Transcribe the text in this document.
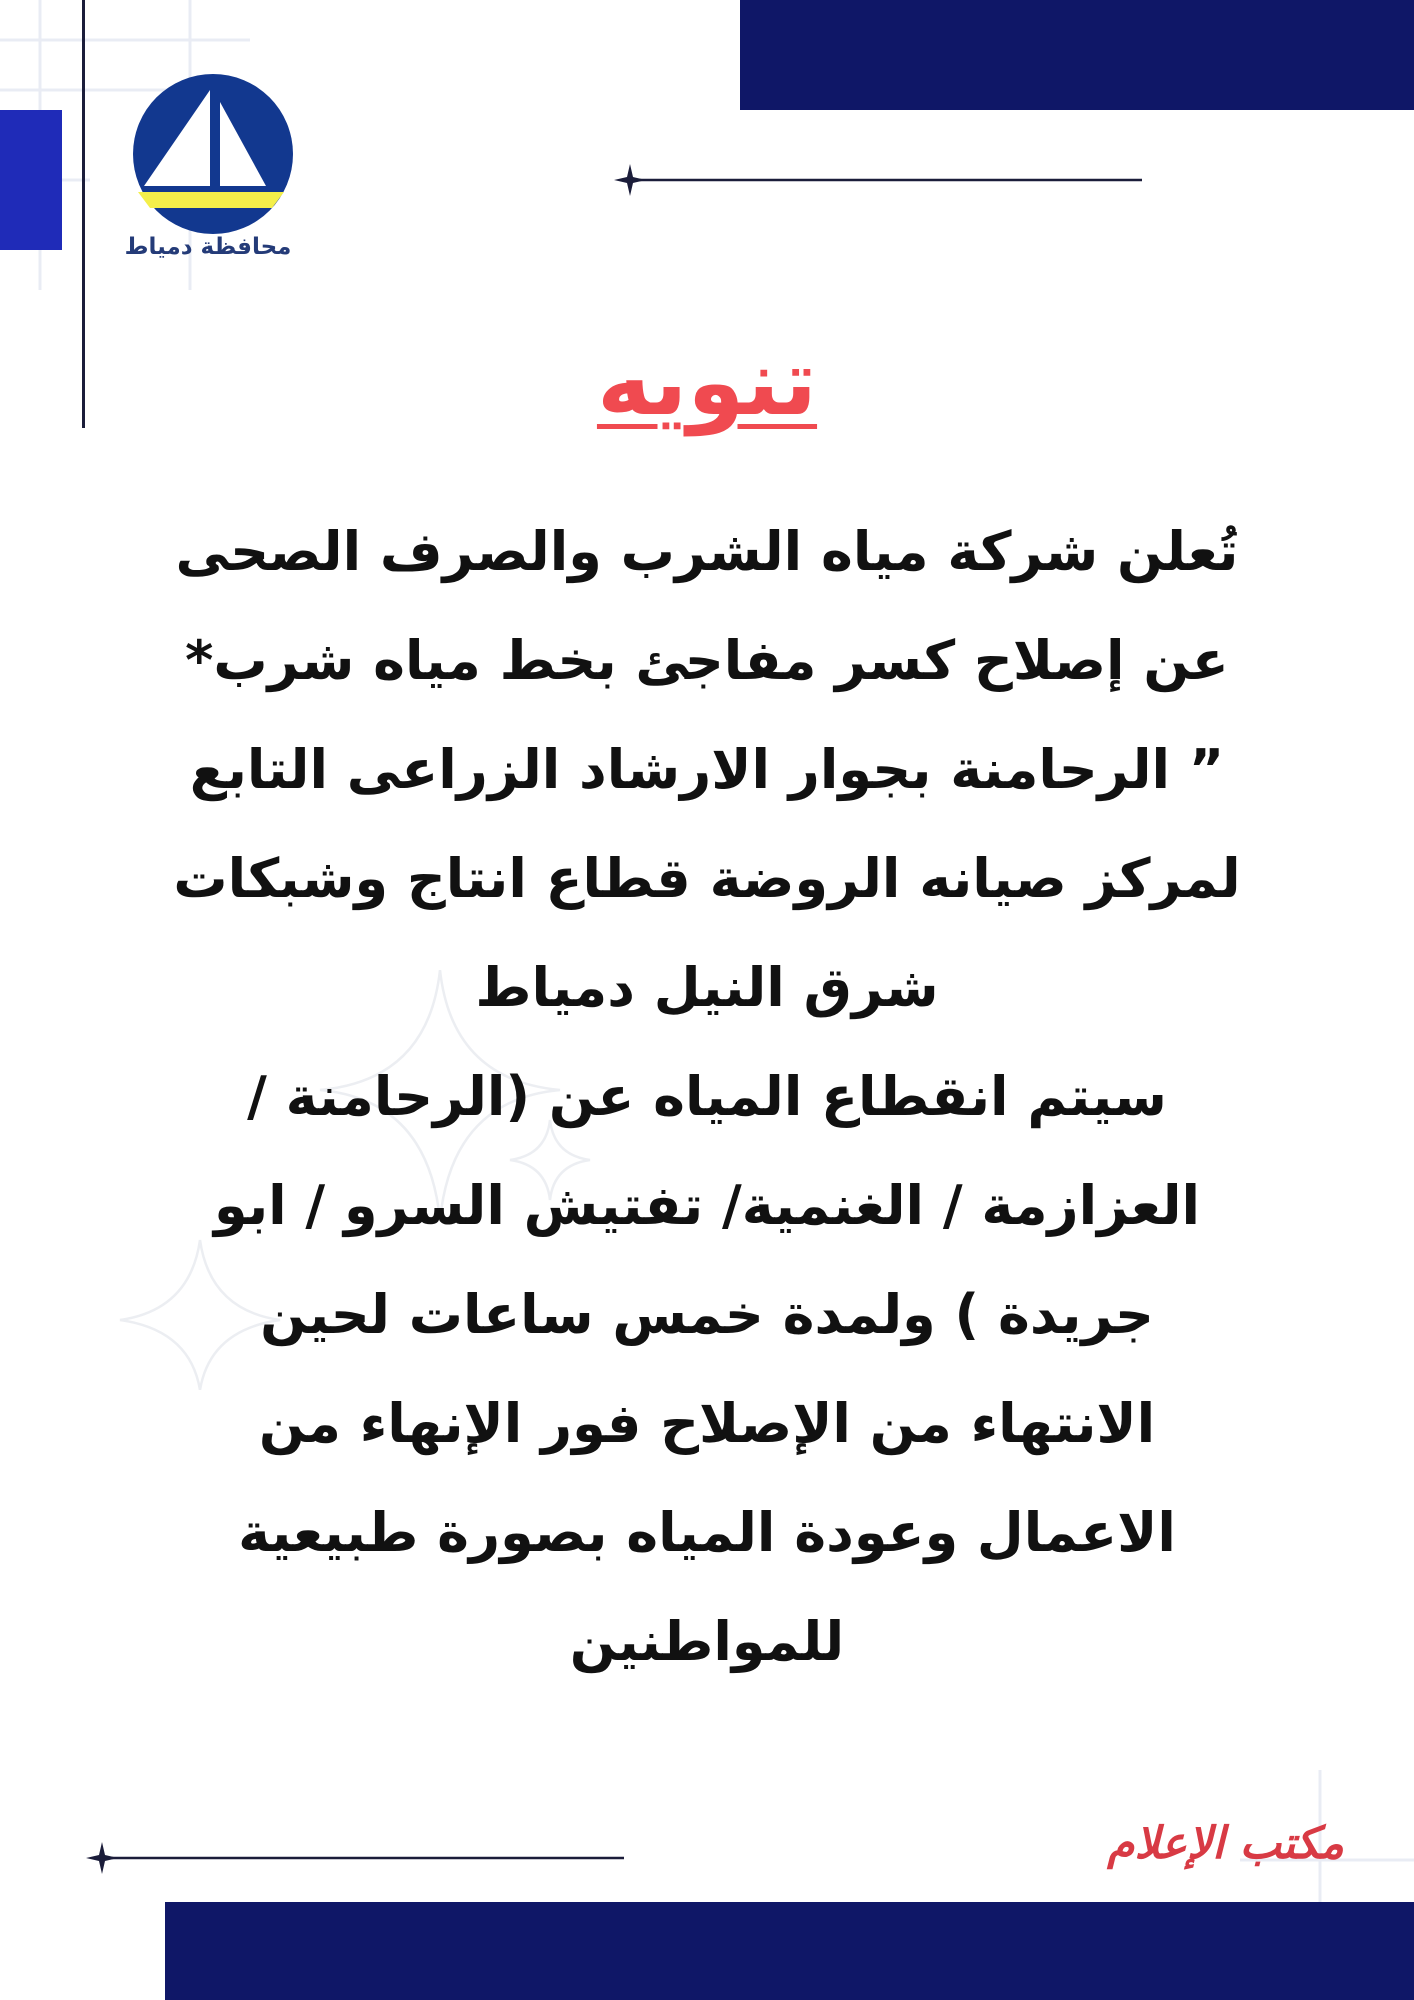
محافظة دمياط
تنويه
تُعلن شركة مياه الشرب والصرف الصحى
عن إصلاح كسر مفاجئ بخط مياه شرب*
” الرحامنة بجوار الارشاد الزراعى التابع
لمركز صيانه الروضة قطاع انتاج وشبكات
شرق النيل دمياط
سيتم انقطاع المياه عن (الرحامنة /
العزازمة / الغنمية/ تفتيش السرو / ابو
جريدة ) ولمدة خمس ساعات لحين
الانتهاء من الإصلاح فور الإنهاء من
الاعمال وعودة المياه بصورة طبيعية
للمواطنين
مكتب الإعلام
